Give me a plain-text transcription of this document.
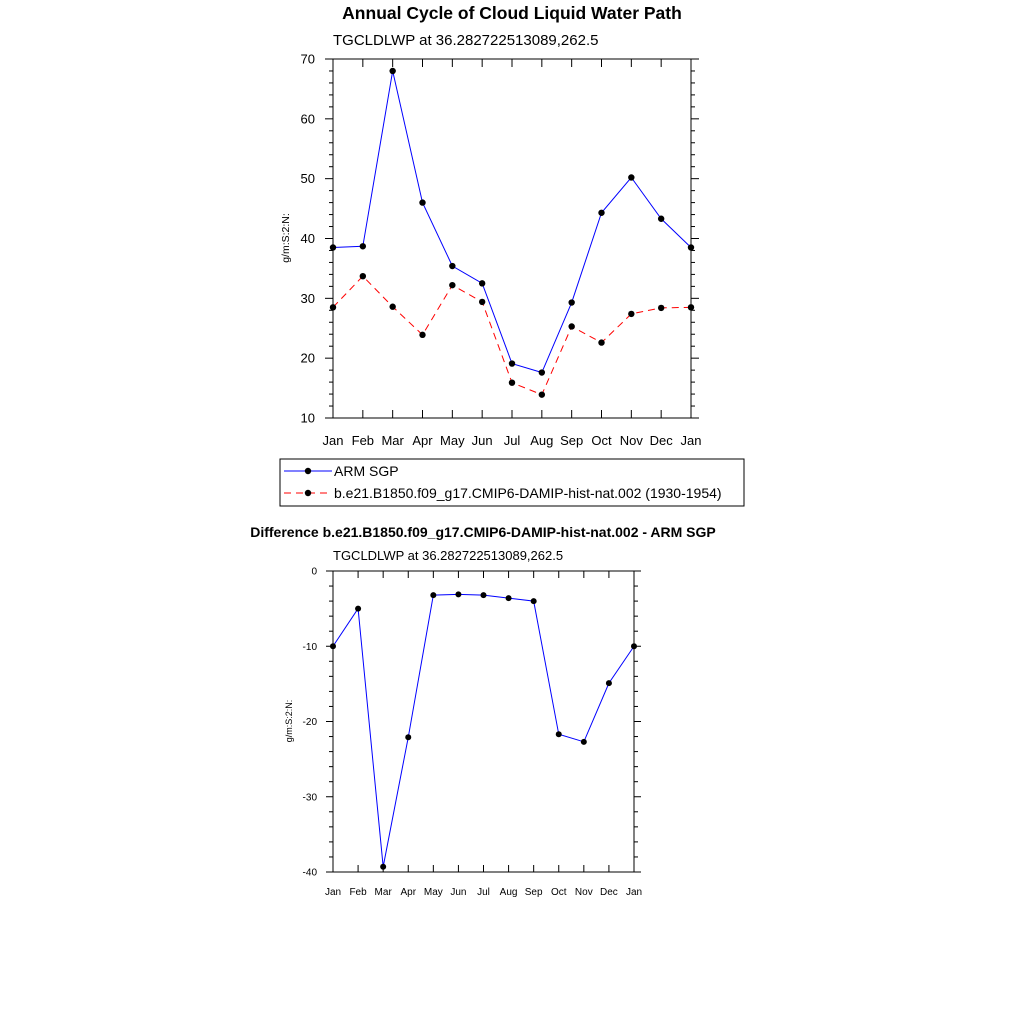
Annual Cycle of Cloud Liquid Water Path
TGCLDLWP at 36.282722513089,262.5
g/m:S:2:N:
10
20
30
40
50
60
70
Jan Feb Mar Apr May Jun Jul Aug Sep Oct Nov Dec Jan
ARM SGP
b.e21.B1850.f09_g17.CMIP6-DAMIP-hist-nat.002 (1930-1954)
Difference b.e21.B1850.f09_g17.CMIP6-DAMIP-hist-nat.002 - ARM SGP
TGCLDLWP at 36.282722513089,262.5
g/m:S:2:N:
-40
-30
-20
-10
0
Jan Feb Mar Apr May Jun Jul Aug Sep Oct Nov Dec Jan
